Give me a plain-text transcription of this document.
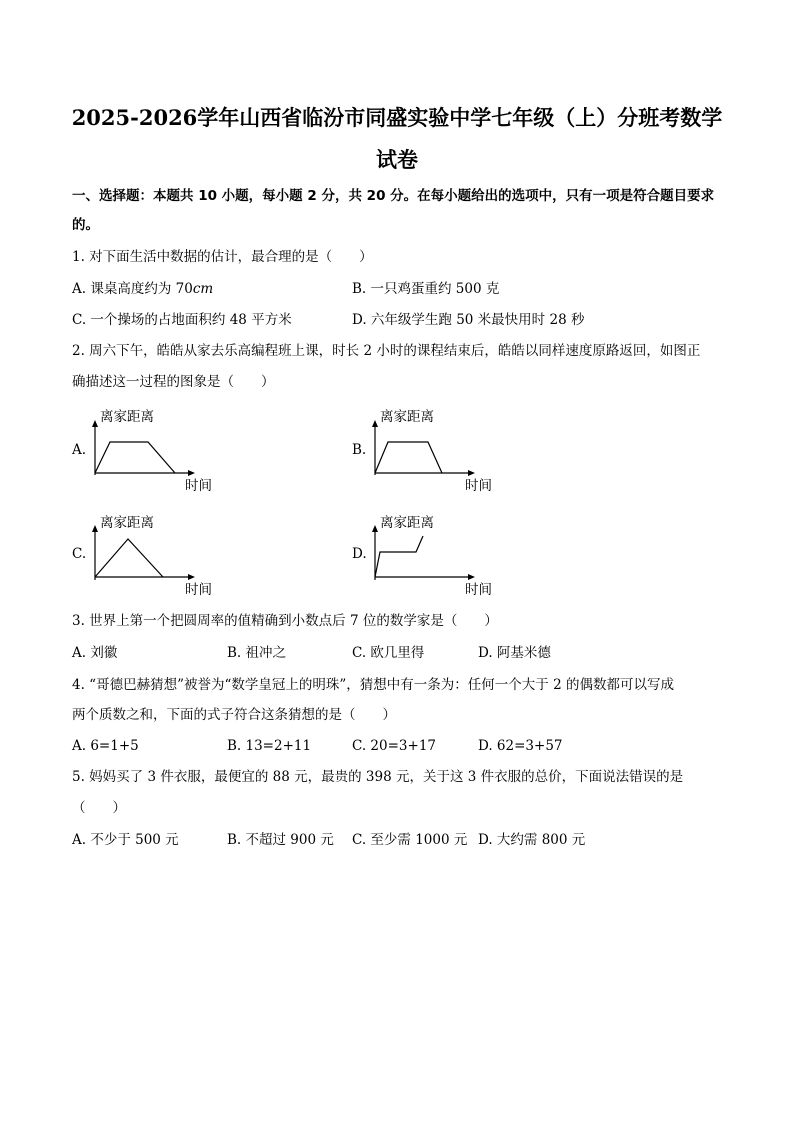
2025-2026学年山西省临汾市同盛实验中学七年级（上）分班考数学
试卷
一、选择题：本题共 10 小题，每小题 2 分，共 20 分。在每小题给出的选项中，只有一项是符合题目要求
的。
1. 对下面生活中数据的估计，最合理的是（　　）
A. 课桌高度约为 70cm	B. 一只鸡蛋重约 500 克
C. 一个操场的占地面积约 48 平方米	D. 六年级学生跑 50 米最快用时 28 秒
2. 周六下午，皓皓从家去乐高编程班上课，时长 2 小时的课程结束后，皓皓以同样速度原路返回，如图正
确描述这一过程的图象是（　　）
A.
离家距离
时间
B.
离家距离
时间
C.
离家距离
时间
D.
离家距离
时间
3. 世界上第一个把圆周率的值精确到小数点后 7 位的数学家是（　　）
A. 刘徽	B. 祖冲之	C. 欧几里得	D. 阿基米德
4. “哥德巴赫猜想”被誉为“数学皇冠上的明珠”，猜想中有一条为：任何一个大于 2 的偶数都可以写成
两个质数之和，下面的式子符合这条猜想的是（　　）
A. 6=1+5	B. 13=2+11	C. 20=3+17	D. 62=3+57
5. 妈妈买了 3 件衣服，最便宜的 88 元，最贵的 398 元，关于这 3 件衣服的总价，下面说法错误的是
（　　）
A. 不少于 500 元	B. 不超过 900 元 C. 至少需 1000 元 D. 大约需 800 元
